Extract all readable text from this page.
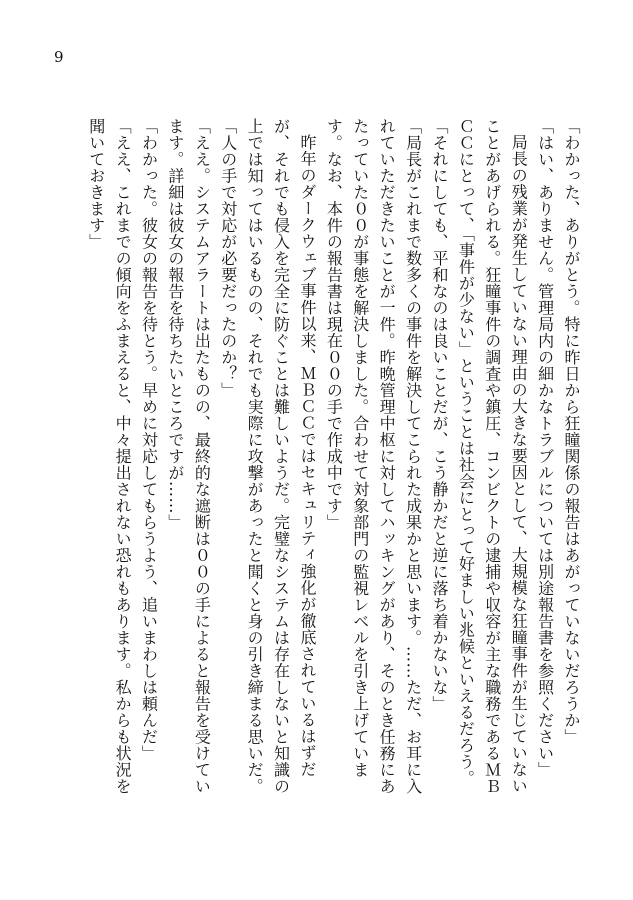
9

「わかった、ありがとう。特に昨日から狂瞳関係の報告はあがっていないだろうか」

「はい、ありません。管理局内の細かなトラブルについては別途報告書を参照ください」

局長の残業が発生していない理由の大きな要因として、大規模な狂瞳事件が生じていないことがあげられる。狂瞳事件の調査や鎮圧、コンビクトの逮捕や収容が主な職務であるＭＢＣＣにとって、「事件が少ない」ということは社会にとって好ましい兆候といえるだろう。

「それにしても、平和なのは良いことだが、こう静かだと逆に落ち着かないな」

「局長がこれまで数多くの事件を解決してこられた成果かと思います。……ただ、お耳に入れていただきたいことが一件。昨晩管理中枢に対してハッキングがあり、そのとき任務にあたっていた００が事態を解決しました。合わせて対象部門の監視レベルを引き上げています。なお、本件の報告書は現在００の手で作成中です」

昨年のダークウェブ事件以来、ＭＢＣＣではセキュリティ強化が徹底されているはずだが、それでも侵入を完全に防ぐことは難しいようだ。完璧なシステムは存在しないと知識の上では知ってはいるものの、それでも実際に攻撃があったと聞くと身の引き締まる思いだ。

「人の手で対応が必要だったのか？」

「ええ。システムアラートは出たものの、最終的な遮断は００の手によると報告を受けています。詳細は彼女の報告を待ちたいところですが……」

「わかった。彼女の報告を待とう。早めに対応してもらうよう、追いまわしは頼んだ」

「ええ、これまでの傾向をふまえると、中々提出されない恐れもあります。私からも状況を聞いておきます」
